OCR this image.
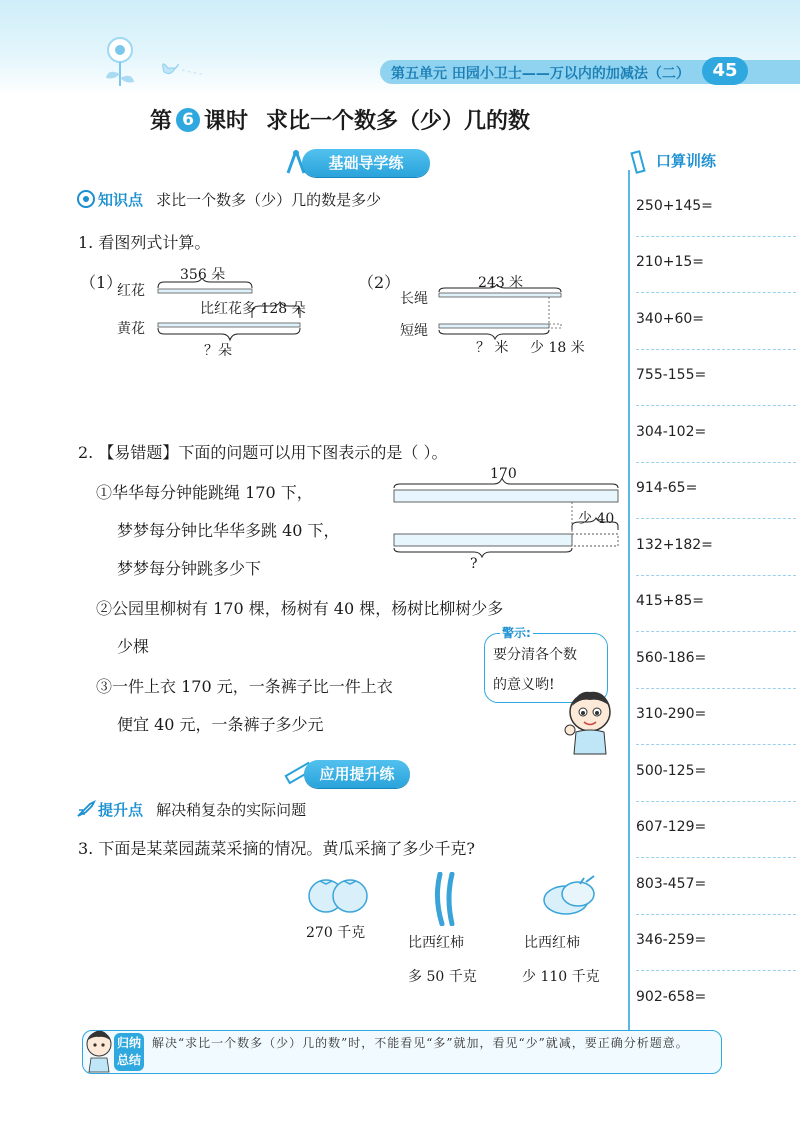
第五单元 田园小卫士——万以内的加减法（二）	45
第 6 课时 求比一个数多（少）几的数
基础导学练	口算训练
250+145=
210+15=
340+60=
755-155=
304-102=
914-65=
132+182=
415+85=
560-186=
310-290=
500-125=
607-129=
803-457=
346-259=
902-658=
知识点 求比一个数多（少）几的数是多少
1. 看图列式计算。
（1）	356 朵
红花
黄花
比红花多 128 朵
？朵
（2）	243 米
长绳
短绳
？ 米 少 18 米
2. 【易错题】下面的问题可以用下图表示的是（ ）。
①华华每分钟能跳绳 170 下，
梦梦每分钟比华华多跳 40 下，
梦梦每分钟跳多少下
170
少 40
?
②公园里柳树有 170 棵，杨树有 40 棵，杨树比柳树少多
少棵
③一件上衣 170 元，一条裤子比一件上衣
便宜 40 元，一条裤子多少元
要分清各个数
的意义哟!
警示:
应用提升练
提升点 解决稍复杂的实际问题
3. 下面是某菜园蔬菜采摘的情况。黄瓜采摘了多少千克?
270 千克
比西红柿
多 50 千克
比西红柿
少 110 千克
归纳
总结
解决“求比一个数多（少）几的数”时，不能看见“多”就加，看见“少”就减，要正确分析题意。
